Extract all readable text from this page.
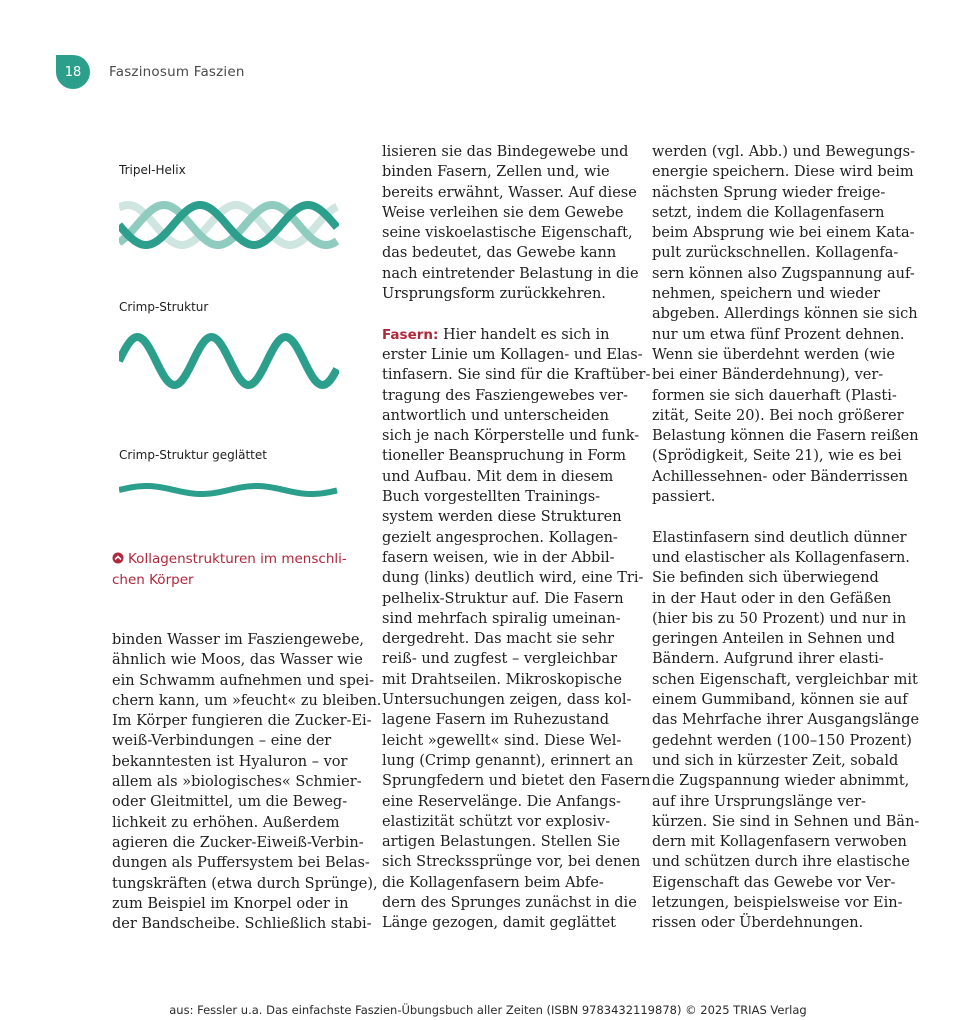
18 Faszinosum Faszien
Tripel-Helix
Crimp-Struktur
Crimp-Struktur geglättet
Kollagenstrukturen im menschli-
chen Körper
binden Wasser im Fasziengewebe,
ähnlich wie Moos, das Wasser wie
ein Schwamm aufnehmen und spei-
chern kann, um »feucht« zu bleiben.
Im Körper fungieren die Zucker-Ei-
weiß-Verbindungen – eine der
bekanntesten ist Hyaluron – vor
allem als »biologisches« Schmier-
oder Gleitmittel, um die Beweg-
lichkeit zu erhöhen. Außerdem
agieren die Zucker-Eiweiß-Verbin-
dungen als Puffersystem bei Belas-
tungskräften (etwa durch Sprünge),
zum Beispiel im Knorpel oder in
der Bandscheibe. Schließlich stabi-
lisieren sie das Bindegewebe und
binden Fasern, Zellen und, wie
bereits erwähnt, Wasser. Auf diese
Weise verleihen sie dem Gewebe
seine viskoelastische Eigenschaft,
das bedeutet, das Gewebe kann
nach eintretender Belastung in die
Ursprungsform zurückkehren.
Fasern: Hier handelt es sich in
erster Linie um Kollagen- und Elas-
tinfasern. Sie sind für die Kraftüber-
tragung des Fasziengewebes ver-
antwortlich und unterscheiden
sich je nach Körperstelle und funk-
tioneller Beanspruchung in Form
und Aufbau. Mit dem in diesem
Buch vorgestellten Trainings-
system werden diese Strukturen
gezielt angesprochen. Kollagen-
fasern weisen, wie in der Abbil-
dung (links) deutlich wird, eine Tri-
pelhelix-Struktur auf. Die Fasern
sind mehrfach spiralig umeinan-
dergedreht. Das macht sie sehr
reiß- und zugfest – vergleichbar
mit Drahtseilen. Mikroskopische
Untersuchungen zeigen, dass kol-
lagene Fasern im Ruhezustand
leicht »gewellt« sind. Diese Wel-
lung (Crimp genannt), erinnert an
Sprungfedern und bietet den Fasern
eine Reservelänge. Die Anfangs-
elastizität schützt vor explosiv-
artigen Belastungen. Stellen Sie
sich Streckssprünge vor, bei denen
die Kollagenfasern beim Abfe-
dern des Sprunges zunächst in die
Länge gezogen, damit geglättet
werden (vgl. Abb.) und Bewegungs-
energie speichern. Diese wird beim
nächsten Sprung wieder freige-
setzt, indem die Kollagenfasern
beim Absprung wie bei einem Kata-
pult zurückschnellen. Kollagenfa-
sern können also Zugspannung auf-
nehmen, speichern und wieder
abgeben. Allerdings können sie sich
nur um etwa fünf Prozent dehnen.
Wenn sie überdehnt werden (wie
bei einer Bänderdehnung), ver-
formen sie sich dauerhaft (Plasti-
zität, Seite 20). Bei noch größerer
Belastung können die Fasern reißen
(Sprödigkeit, Seite 21), wie es bei
Achillessehnen- oder Bänderrissen
passiert.
Elastinfasern sind deutlich dünner
und elastischer als Kollagenfasern.
Sie befinden sich überwiegend
in der Haut oder in den Gefäßen
(hier bis zu 50 Prozent) und nur in
geringen Anteilen in Sehnen und
Bändern. Aufgrund ihrer elasti-
schen Eigenschaft, vergleichbar mit
einem Gummiband, können sie auf
das Mehrfache ihrer Ausgangslänge
gedehnt werden (100–150 Prozent)
und sich in kürzester Zeit, sobald
die Zugspannung wieder abnimmt,
auf ihre Ursprungslänge ver-
kürzen. Sie sind in Sehnen und Bän-
dern mit Kollagenfasern verwoben
und schützen durch ihre elastische
Eigenschaft das Gewebe vor Ver-
letzungen, beispielsweise vor Ein-
rissen oder Überdehnungen.
aus: Fessler u.a. Das einfachste Faszien-Übungsbuch aller Zeiten (ISBN 9783432119878) © 2025 TRIAS Verlag
